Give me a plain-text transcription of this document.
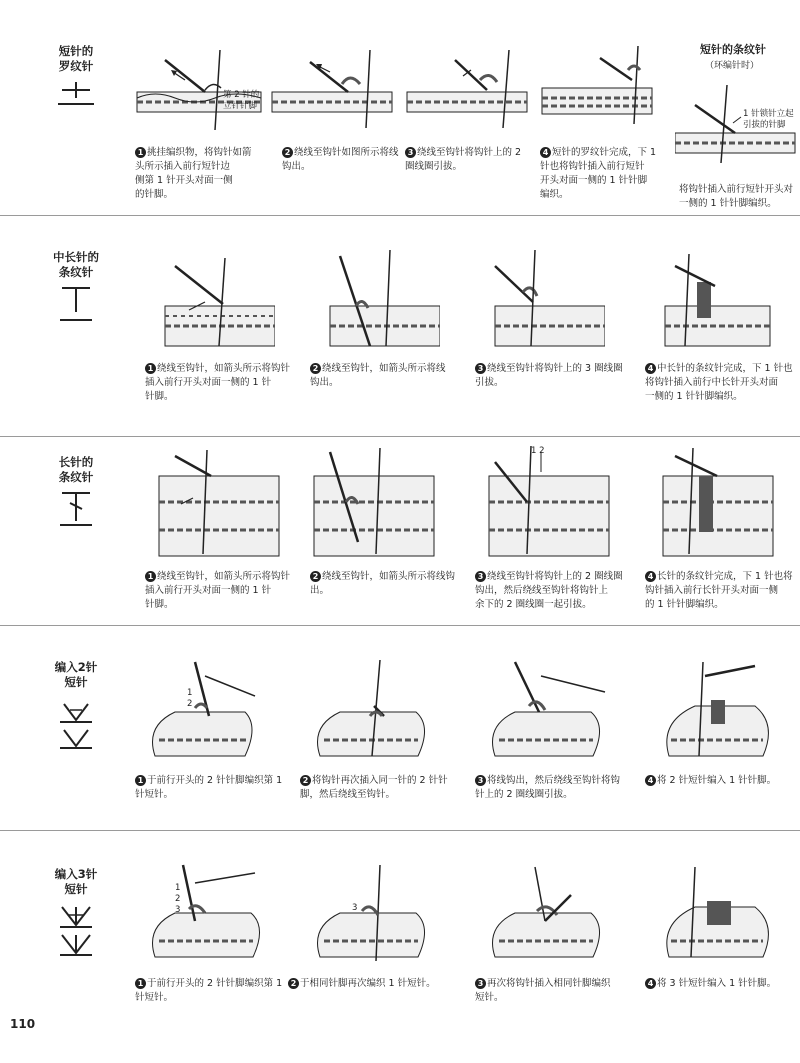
短针的
罗纹针
短针的条纹针
（环编针时）
第 2 针的
立针针脚
1 挑挂编织物，将钩针如箭
头所示插入前行短针边
侧第 1 针开头对面一侧
的针脚。
2 绕线至钩针如图所示将线
钩出。
3 绕线至钩针将钩针上的 2
圈线圈引拔。
4 短针的罗纹针完成，下 1
针也将钩针插入前行短针
开头对面一侧的 1 针针脚
编织。
1 针锁针立起
引拔的针脚
将钩针插入前行短针开头对
一侧的 1 针针脚编织。
中长针的
条纹针
1 绕线至钩针，如箭头所示将钩针
插入前行开头对面一侧的 1 针
针脚。
2 绕线至钩针，如箭头所示将线
钩出。
3 绕线至钩针将钩针上的 3 圈线圈
引拔。
4 中长针的条纹针完成，下 1 针也
将钩针插入前行中长针开头对面
一侧的 1 针针脚编织。
长针的
条纹针
1 绕线至钩针，如箭头所示将钩针
插入前行开头对面一侧的 1 针
针脚。
2 绕线至钩针，如箭头所示将线钩
出。
1 2
3 绕线至钩针将钩针上的 2 圈线圈
钩出，然后绕线至钩针将钩针上
余下的 2 圈线圈一起引拔。
4 长针的条纹针完成，下 1 针也将
钩针插入前行长针开头对面一侧
的 1 针针脚编织。
编入2针
短针
1
2
1 于前行开头的 2 针针脚编织第 1
针短针。
2 将钩针再次插入同一针的 2 针针
脚，然后绕线至钩针。
3 将线钩出，然后绕线至钩针将钩
针上的 2 圈线圈引拔。
4 将 2 针短针编入 1 针针脚。
编入3针
短针	1
2
3
1 于前行开头的 2 针针脚编织第 1
针短针。
3
2 于相同针脚再次编织 1 针短针。	3 再次将钩针插入相同针脚编织
短针。
4 将 3 针短针编入 1 针针脚。
110
